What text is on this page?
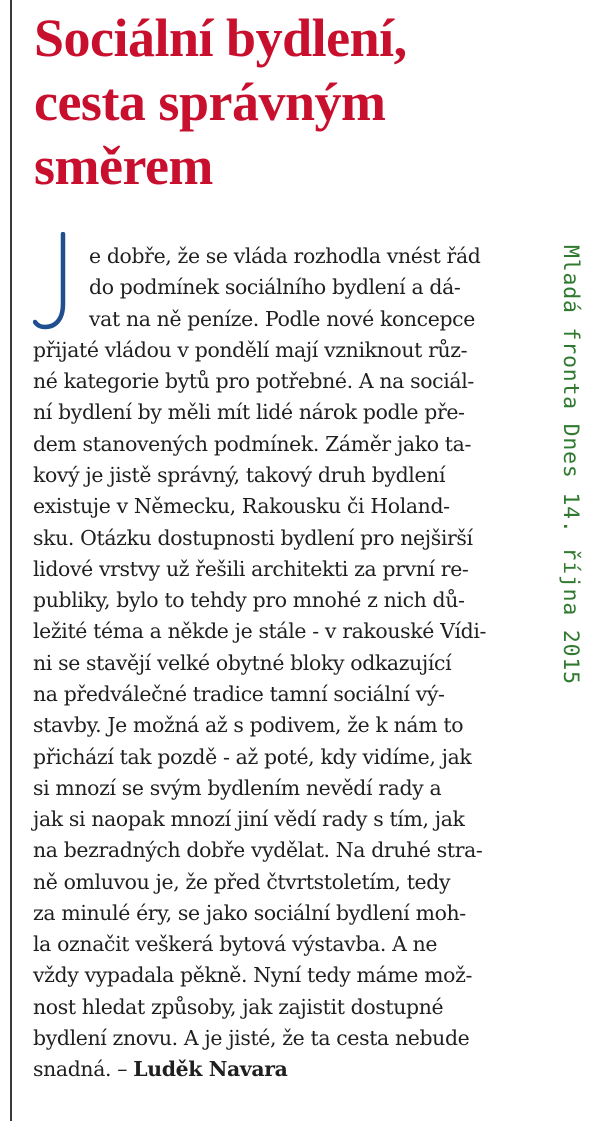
Sociální bydlení,
cesta správným
směrem
e dobře, že se vláda rozhodla vnést řád
do podmínek sociálního bydlení a dá-
vat na ně peníze. Podle nové koncepce
přijaté vládou v pondělí mají vzniknout růz-
né kategorie bytů pro potřebné. A na sociál-
ní bydlení by měli mít lidé nárok podle pře-
dem stanovených podmínek. Záměr jako ta-
kový je jistě správný, takový druh bydlení
existuje v Německu, Rakousku či Holand-
sku. Otázku dostupnosti bydlení pro nejširší
lidové vrstvy už řešili architekti za první re-
publiky, bylo to tehdy pro mnohé z nich dů-
ležité téma a někde je stále - v rakouské Vídi-
ni se stavějí velké obytné bloky odkazující
na předválečné tradice tamní sociální vý-
stavby. Je možná až s podivem, že k nám to
přichází tak pozdě - až poté, kdy vidíme, jak
si mnozí se svým bydlením nevědí rady a
jak si naopak mnozí jiní vědí rady s tím, jak
na bezradných dobře vydělat. Na druhé stra-
ně omluvou je, že před čtvrtstoletím, tedy
za minulé éry, se jako sociální bydlení moh-
la označit veškerá bytová výstavba. A ne
vždy vypadala pěkně. Nyní tedy máme mož-
nost hledat způsoby, jak zajistit dostupné
bydlení znovu. A je jisté, že ta cesta nebude
snadná. – Luděk Navara
Mladá fronta Dnes 14. října 2015
